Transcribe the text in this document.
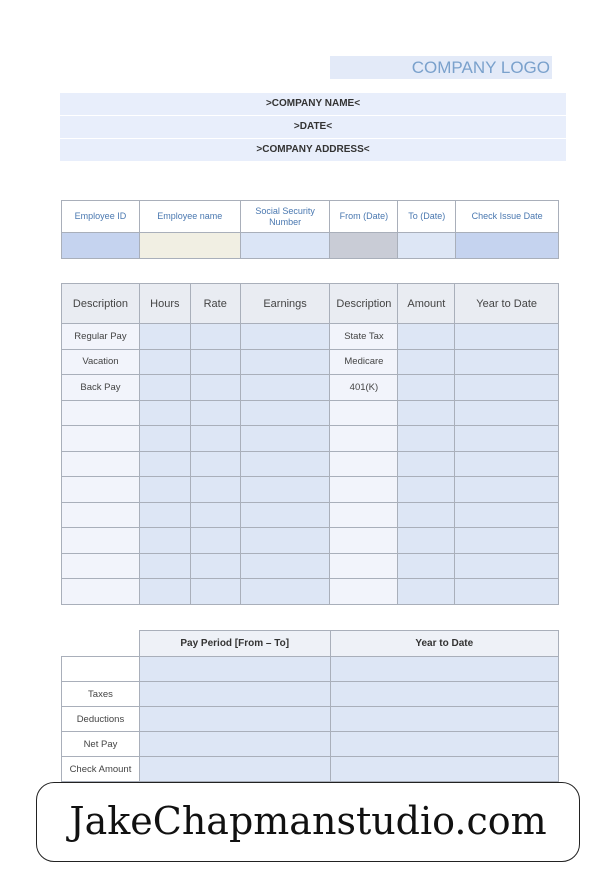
COMPANY LOGO
>COMPANY NAME<
>DATE<
>COMPANY ADDRESS<
Employee ID	Employee name	Social Security Number	From (Date)	To (Date)	Check Issue Date

Description	Hours	Rate	Earnings	Description	Amount	Year to Date
Regular Pay				State Tax		
Vacation				Medicare		
Back Pay				401(K)		

	Pay Period [From – To]	Year to Date

Taxes		
Deductions		
Net Pay		
Check Amount		
JakeChapmanstudio.com
